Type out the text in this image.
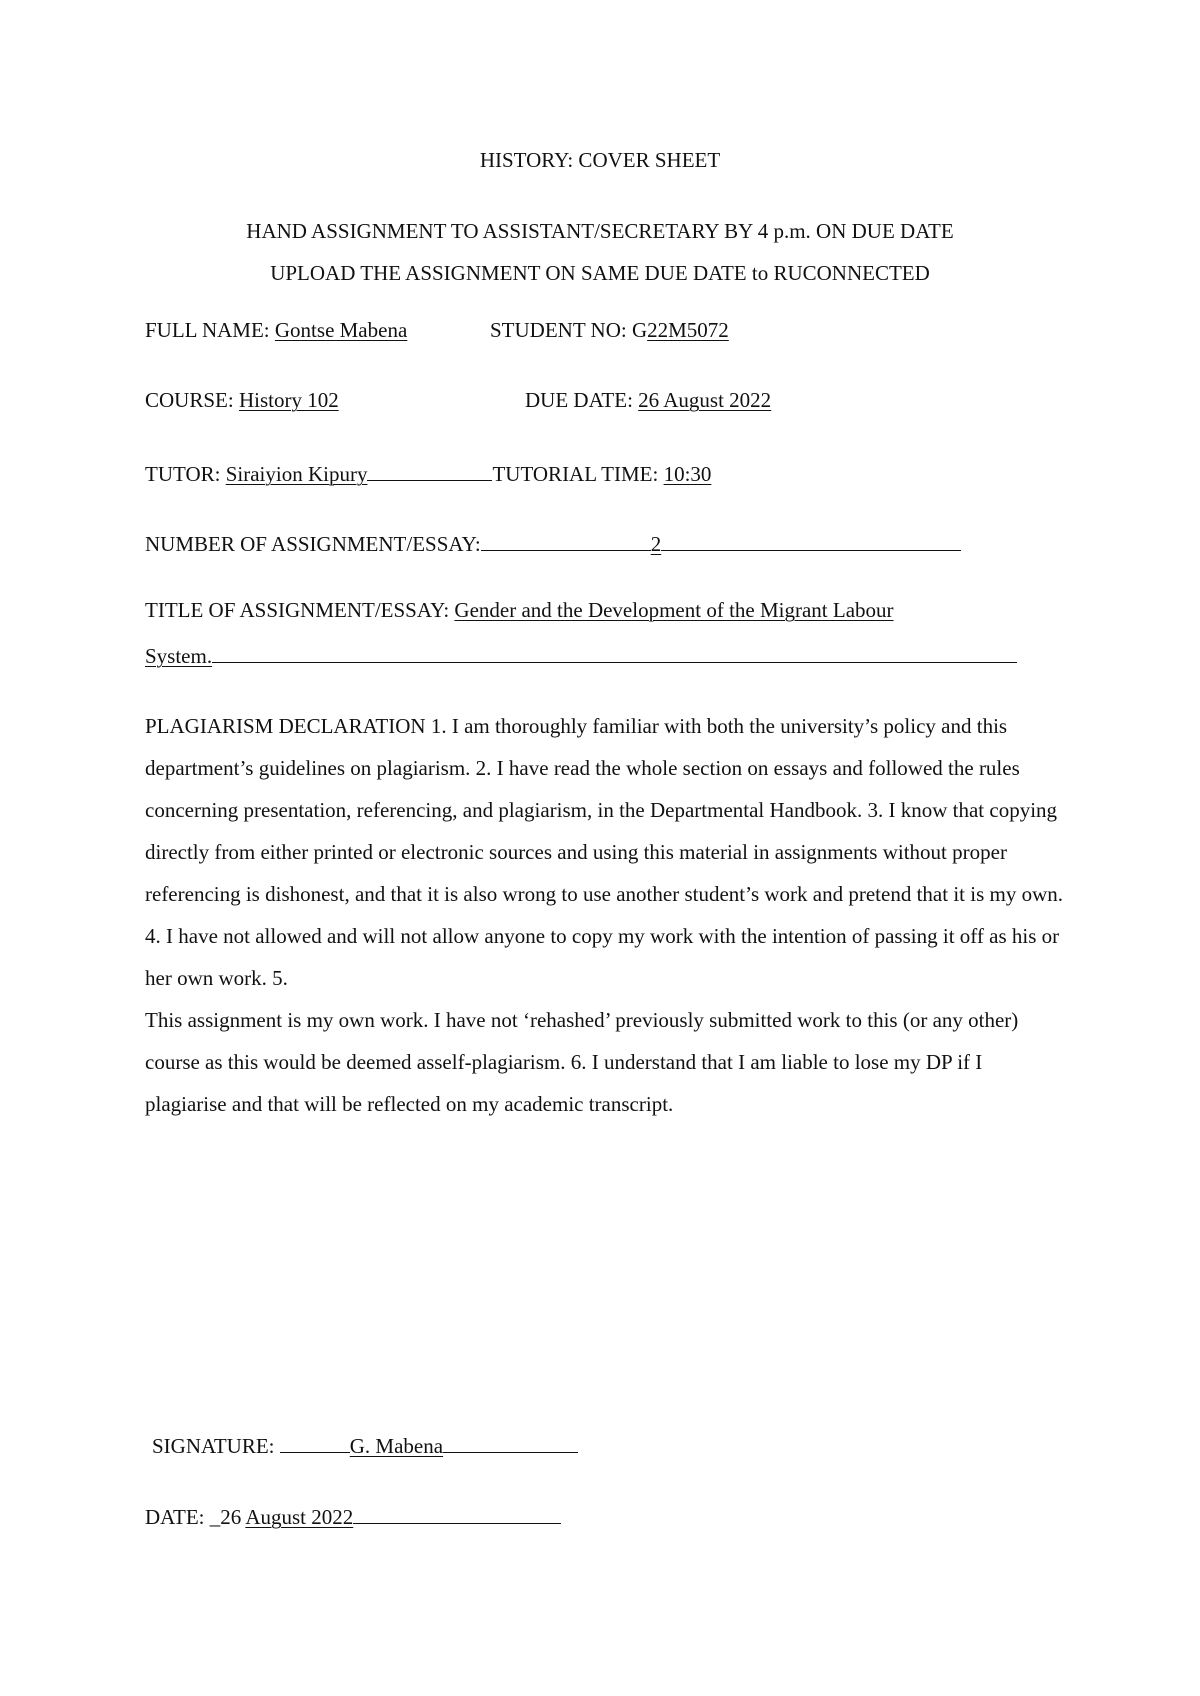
HISTORY: COVER SHEET
HAND ASSIGNMENT TO ASSISTANT/SECRETARY BY 4 p.m. ON DUE DATE
UPLOAD THE ASSIGNMENT ON SAME DUE DATE to RUCONNECTED
FULL NAME: Gontse Mabena	STUDENT NO: G22M5072
COURSE: History 102	DUE DATE: 26 August 2022
TUTOR: Siraiyion Kipury	TUTORIAL TIME: 10:30
NUMBER OF ASSIGNMENT/ESSAY:	2
TITLE OF ASSIGNMENT/ESSAY: Gender and the Development of the Migrant Labour
System.

PLAGIARISM DECLARATION 1. I am thoroughly familiar with both the university’s policy and this department’s guidelines on plagiarism. 2. I have read the whole section on essays and followed the rules concerning presentation, referencing, and plagiarism, in the Departmental Handbook. 3. I know that copying directly from either printed or electronic sources and using this material in assignments without proper referencing is dishonest, and that it is also wrong to use another student’s work and pretend that it is my own. 4. I have not allowed and will not allow anyone to copy my work with the intention of passing it off as his or her own work. 5.

This assignment is my own work. I have not ‘rehashed’ previously submitted work to this (or any other) course as this would be deemed asself-plagiarism. 6. I understand that I am liable to lose my DP if I plagiarise and that will be reflected on my academic transcript.

SIGNATURE:	G. Mabena
DATE: _26 August 2022
